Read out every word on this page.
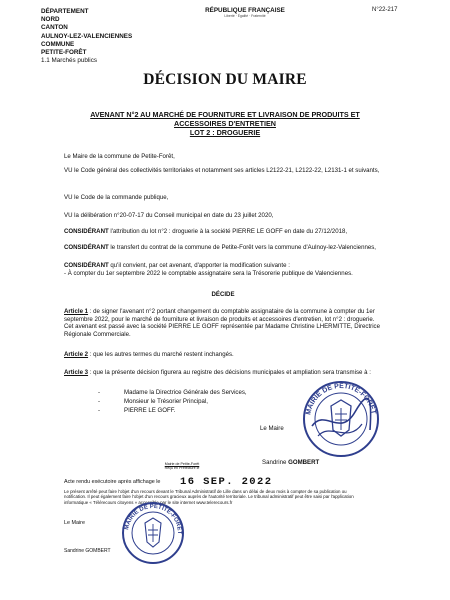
DÉPARTEMENT
NORD
CANTON
AULNOY-LEZ-VALENCIENNES
COMMUNE
PETITE-FORÊT
1.1 Marchés publics
RÉPUBLIQUE FRANÇAISE
Liberté · Égalité · Fraternité
N°22-217
DÉCISION DU MAIRE
AVENANT N°2 AU MARCHÉ DE FOURNITURE ET LIVRAISON DE PRODUITS ET
ACCESSOIRES D'ENTRETIEN
LOT 2 : DROGUERIE
Le Maire de la commune de Petite-Forêt,
VU le Code général des collectivités territoriales et notamment ses articles L2122-21, L2122-22, L2131-1 et suivants,
VU le Code de la commande publique,
VU la délibération n°20-07-17 du Conseil municipal en date du 23 juillet 2020,
CONSIDÉRANT l'attribution du lot n°2 : droguerie à la société PIERRE LE GOFF en date du 27/12/2018,
CONSIDÉRANT le transfert du contrat de la commune de Petite-Forêt vers la commune d'Aulnoy-lez-Valenciennes,
CONSIDÉRANT qu'il convient, par cet avenant, d'apporter la modification suivante :
- À compter du 1er septembre 2022 le comptable assignataire sera la Trésorerie publique de Valenciennes.
DÉCIDE
Article 1 : de signer l'avenant n°2 portant changement du comptable assignataire de la commune à compter du 1er septembre 2022, pour le marché de fourniture et livraison de produits et accessoires d'entretien, lot n°2 : droguerie. Cet avenant est passé avec la société PIERRE LE GOFF représentée par Madame Christine LHERMITTE, Directrice Régionale Commerciale.
Article 2 : que les autres termes du marché restent inchangés.
Article 3 : que la présente décision figurera au registre des décisions municipales et ampliation sera transmise à :
-	Madame la Directrice Générale des Services,
-	Monsieur le Trésorier Principal,
-	PIERRE LE GOFF.
Le Maire
MAIRIE DE PETITE-FORÊT
Sandrine GOMBERT
Mairie de Petite-Forêt
Reçu en Préfecture le
Acte rendu exécutoire après affichage le 16 SEP. 2022
Le présent arrêté peut faire l'objet d'un recours devant le Tribunal Administratif de Lille dans un délai de deux mois à compter de sa publication ou notification. Il peut également faire l'objet d'un recours gracieux auprès de l'autorité territoriale. Le tribunal administratif peut être saisi par l'application informatique « Télérecours citoyens » accessible par le site internet www.telerecours.fr
Le Maire
MAIRIE DE PETITE-FORÊT
Sandrine GOMBERT
